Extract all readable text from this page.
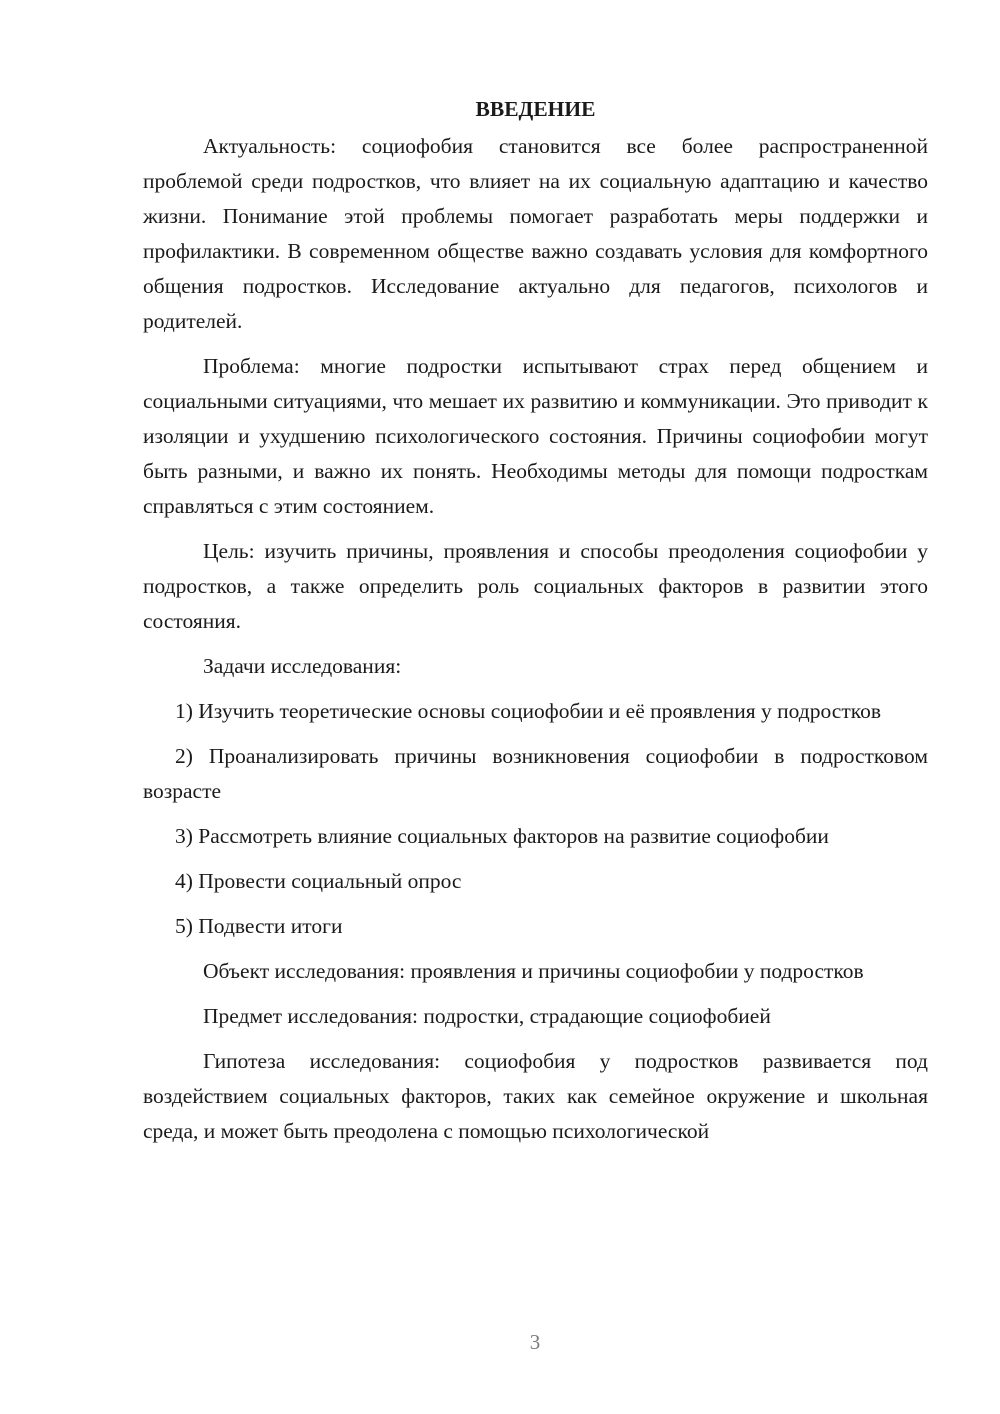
ВВЕДЕНИЕ

Актуальность: социофобия становится все более распространенной проблемой среди подростков, что влияет на их социальную адаптацию и качество жизни. Понимание этой проблемы помогает разработать меры поддержки и профилактики. В современном обществе важно создавать условия для комфортного общения подростков. Исследование актуально для педагогов, психологов и родителей.

Проблема: многие подростки испытывают страх перед общением и социальными ситуациями, что мешает их развитию и коммуникации. Это приводит к изоляции и ухудшению психологического состояния. Причины социофобии могут быть разными, и важно их понять. Необходимы методы для помощи подросткам справляться с этим состоянием.

Цель: изучить причины, проявления и способы преодоления социофобии у подростков, а также определить роль социальных факторов в развитии этого состояния.

Задачи исследования:

1) Изучить теоретические основы социофобии и её проявления у подростков

2) Проанализировать причины возникновения социофобии в подростковом возрасте

3) Рассмотреть влияние социальных факторов на развитие социофобии

4) Провести социальный опрос

5) Подвести итоги

Объект исследования: проявления и причины социофобии у подростков

Предмет исследования: подростки, страдающие социофобией

Гипотеза исследования: социофобия у подростков развивается под воздействием социальных факторов, таких как семейное окружение и школьная среда, и может быть преодолена с помощью психологической

3
